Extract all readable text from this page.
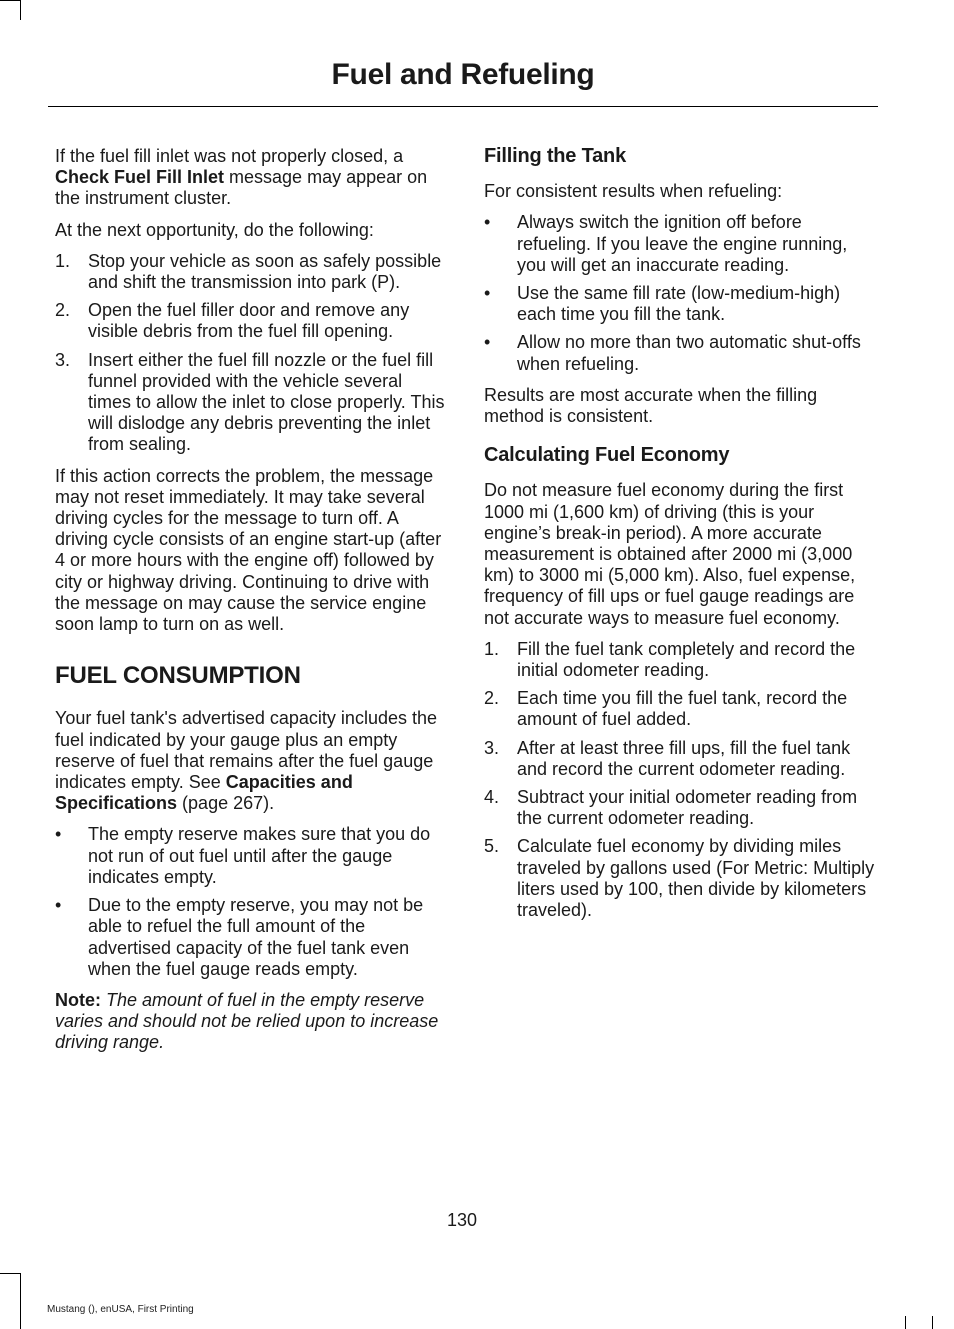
Fuel and Refueling

If the fuel fill inlet was not properly closed, a Check Fuel Fill Inlet message may appear on the instrument cluster.

At the next opportunity, do the following:

1. Stop your vehicle as soon as safely possible and shift the transmission into park (P).
2. Open the fuel filler door and remove any visible debris from the fuel fill opening.
3. Insert either the fuel fill nozzle or the fuel fill funnel provided with the vehicle several times to allow the inlet to close properly. This will dislodge any debris preventing the inlet from sealing.

If this action corrects the problem, the message may not reset immediately. It may take several driving cycles for the message to turn off. A driving cycle consists of an engine start-up (after 4 or more hours with the engine off) followed by city or highway driving. Continuing to drive with the message on may cause the service engine soon lamp to turn on as well.

FUEL CONSUMPTION

Your fuel tank's advertised capacity includes the fuel indicated by your gauge plus an empty reserve of fuel that remains after the fuel gauge indicates empty. See Capacities and Specifications (page 267).

• The empty reserve makes sure that you do not run of out fuel until after the gauge indicates empty.
• Due to the empty reserve, you may not be able to refuel the full amount of the advertised capacity of the fuel tank even when the fuel gauge reads empty.

Note: The amount of fuel in the empty reserve varies and should not be relied upon to increase driving range.

Filling the Tank

For consistent results when refueling:

• Always switch the ignition off before refueling. If you leave the engine running, you will get an inaccurate reading.
• Use the same fill rate (low-medium-high) each time you fill the tank.
• Allow no more than two automatic shut-offs when refueling.

Results are most accurate when the filling method is consistent.

Calculating Fuel Economy

Do not measure fuel economy during the first 1000 mi (1,600 km) of driving (this is your engine’s break-in period). A more accurate measurement is obtained after 2000 mi (3,000 km) to 3000 mi (5,000 km). Also, fuel expense, frequency of fill ups or fuel gauge readings are not accurate ways to measure fuel economy.

1. Fill the fuel tank completely and record the initial odometer reading.
2. Each time you fill the fuel tank, record the amount of fuel added.
3. After at least three fill ups, fill the fuel tank and record the current odometer reading.
4. Subtract your initial odometer reading from the current odometer reading.
5. Calculate fuel economy by dividing miles traveled by gallons used (For Metric: Multiply liters used by 100, then divide by kilometers traveled).
130
Mustang (), enUSA, First Printing
